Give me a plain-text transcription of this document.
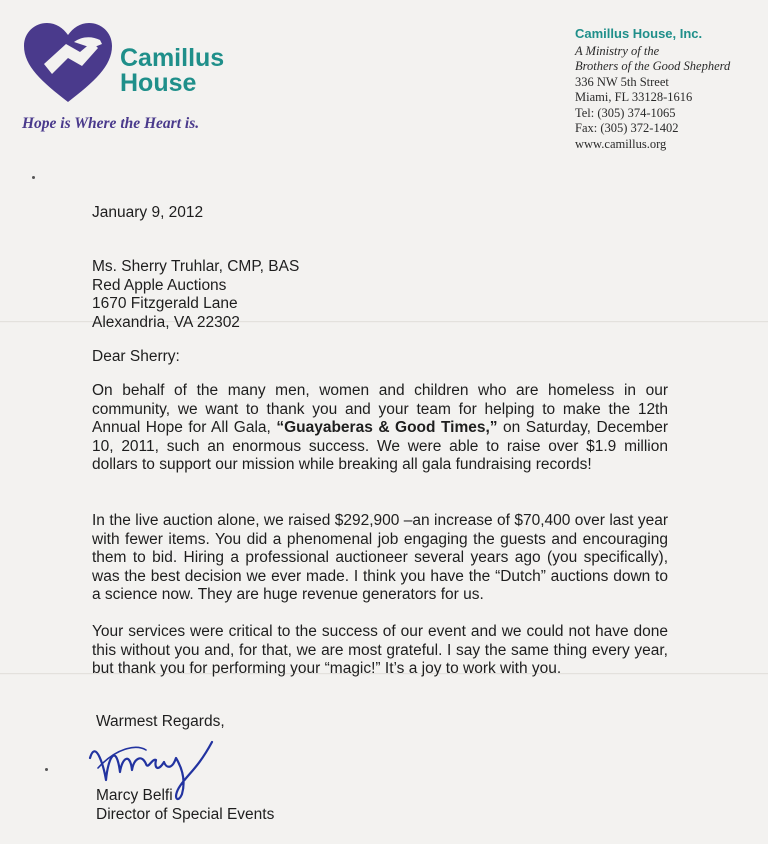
Camillus
House
Hope is Where the Heart is.
Camillus House, Inc.
A Ministry of the
Brothers of the Good Shepherd
336 NW 5th Street
Miami, FL 33128-1616
Tel: (305) 374-1065
Fax: (305) 372-1402
www.camillus.org
January 9, 2012
Ms. Sherry Truhlar, CMP, BAS
Red Apple Auctions
1670 Fitzgerald Lane
Alexandria, VA 22302
Dear Sherry:
On behalf of the many men, women and children who are homeless in our community, we want to thank you and your team for helping to make the 12th Annual Hope for All Gala, “Guayaberas & Good Times,” on Saturday, December 10, 2011, such an enormous success. We were able to raise over $1.9 million dollars to support our mission while breaking all gala fundraising records!
In the live auction alone, we raised $292,900 –an increase of $70,400 over last year with fewer items. You did a phenomenal job engaging the guests and encouraging them to bid. Hiring a professional auctioneer several years ago (you specifically), was the best decision we ever made. I think you have the “Dutch” auctions down to a science now. They are huge revenue generators for us.
Your services were critical to the success of our event and we could not have done this without you and, for that, we are most grateful. I say the same thing every year, but thank you for performing your “magic!” It’s a joy to work with you.
Warmest Regards,
Marcy Belfi
Director of Special Events
